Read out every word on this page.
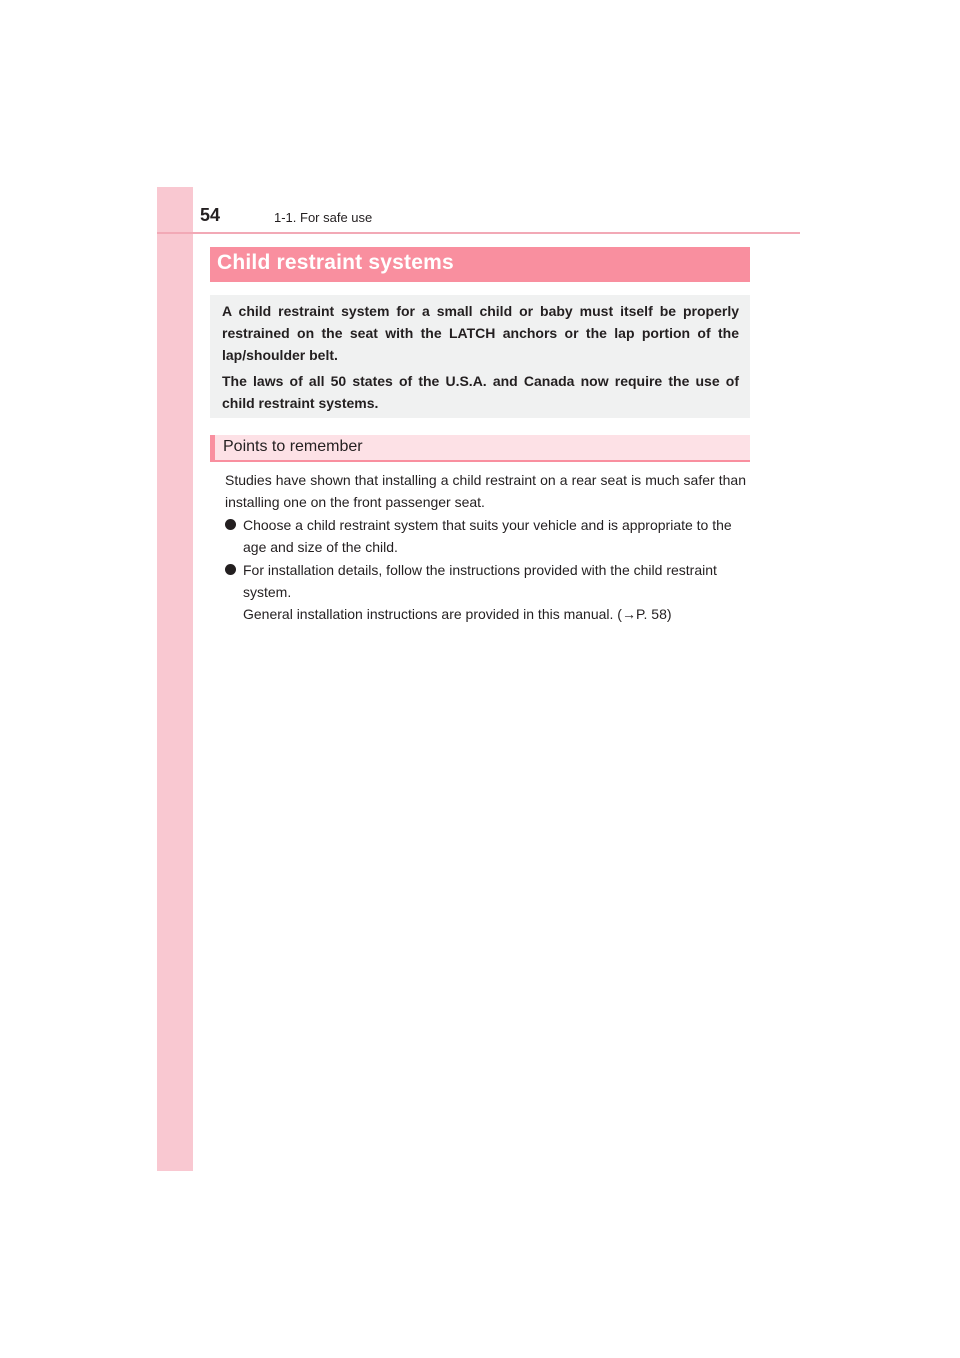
54	1-1. For safe use
Child restraint systems

A child restraint system for a small child or baby must itself be properly restrained on the seat with the LATCH anchors or the lap portion of the lap/shoulder belt.

The laws of all 50 states of the U.S.A. and Canada now require the use of child restraint systems.

Points to remember

Studies have shown that installing a child restraint on a rear seat is much safer than installing one on the front passenger seat.

Choose a child restraint system that suits your vehicle and is appropriate to the age and size of the child.
For installation details, follow the instructions provided with the child restraint system.
General installation instructions are provided in this manual. (→P. 58)
